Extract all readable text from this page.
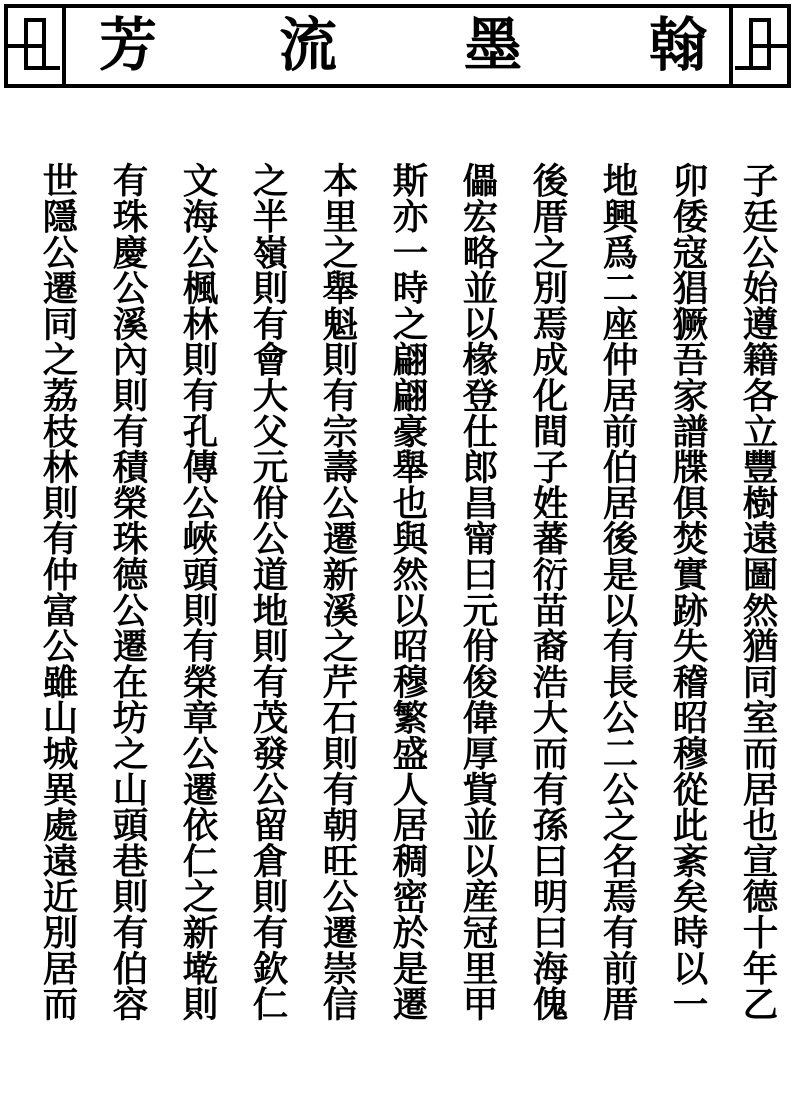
芳 流 墨 翰
子廷公始遵籍各立豐樹遠圖然猶同室而居也宣德十年乙
卯倭寇猖獗吾家譜牒俱焚實跡失稽昭穆從此紊矣時以一
地興爲二座仲居前伯居後是以有長公二公之名焉有前厝
後厝之別焉成化間子姓蕃衍苗裔浩大而有孫曰明曰海傀
儡宏略並以椽登仕郎昌甯曰元佾俊偉厚貲並以産冠里甲
斯亦一時之翩翩豪舉也與然以昭穆繁盛人居稠密於是遷
本里之舉魁則有宗壽公遷新溪之芹石則有朝旺公遷崇信
之半嶺則有會大父元佾公道地則有茂發公留倉則有欽仁
文海公楓林則有孔傳公峽頭則有榮章公遷依仁之新墘則
有珠慶公溪內則有積榮珠德公遷在坊之山頭巷則有伯容
世隱公遷同之荔枝林則有仲富公雖山城異處遠近別居而
